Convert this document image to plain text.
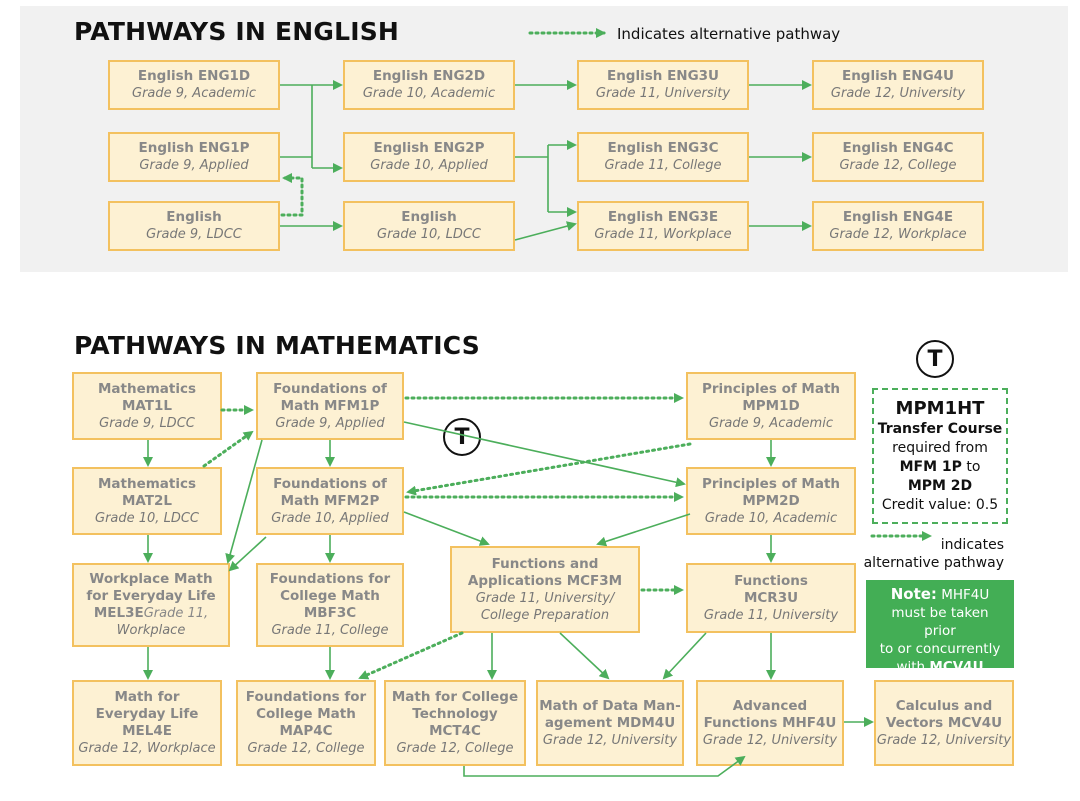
PATHWAYS IN ENGLISH	Indicates alternative pathway
English ENG1D
Grade 9, Academic
English ENG1P
Grade 9, Applied
English
Grade 9, LDCC
English ENG2D
Grade 10, Academic
English ENG2P
Grade 10, Applied
English
Grade 10, LDCC
English ENG3U
Grade 11, University
English ENG3C
Grade 11, College
English ENG3E
Grade 11, Workplace
English ENG4U
Grade 12, University
English ENG4C
Grade 12, College
English ENG4E
Grade 12, Workplace
PATHWAYS IN MATHEMATICS
Mathematics
MAT1L
Grade 9, LDCC
Foundations of
Math MFM1P
Grade 9, Applied
Principles of Math
MPM1D
Grade 9, Academic
Mathematics
MAT2L
Grade 10, LDCC
Foundations of
Math MFM2P
Grade 10, Applied
Principles of Math
MPM2D
Grade 10, Academic
Workplace Math
for Everyday Life
MEL3EGrade 11,
Workplace
Foundations for
College Math
MBF3C
Grade 11, College
Functions and
Applications MCF3M
Grade 11, University/
College Preparation
Functions
MCR3U
Grade 11, University
Math for
Everyday Life
MEL4E
Grade 12, Workplace
Foundations for
College Math
MAP4C
Grade 12, College
Math for College
Technology
MCT4C
Grade 12, College
Math of Data Man-
agement MDM4U
Grade 12, University
Advanced
Functions MHF4U
Grade 12, University
Calculus and
Vectors MCV4U
Grade 12, University
T
T
MPM1HT
Transfer Course
required from
MFM 1P to
MPM 2D
Credit value: 0.5
indicates
alternative pathway
Note: MHF4U
must be taken prior
to or concurrently
with MCV4U
